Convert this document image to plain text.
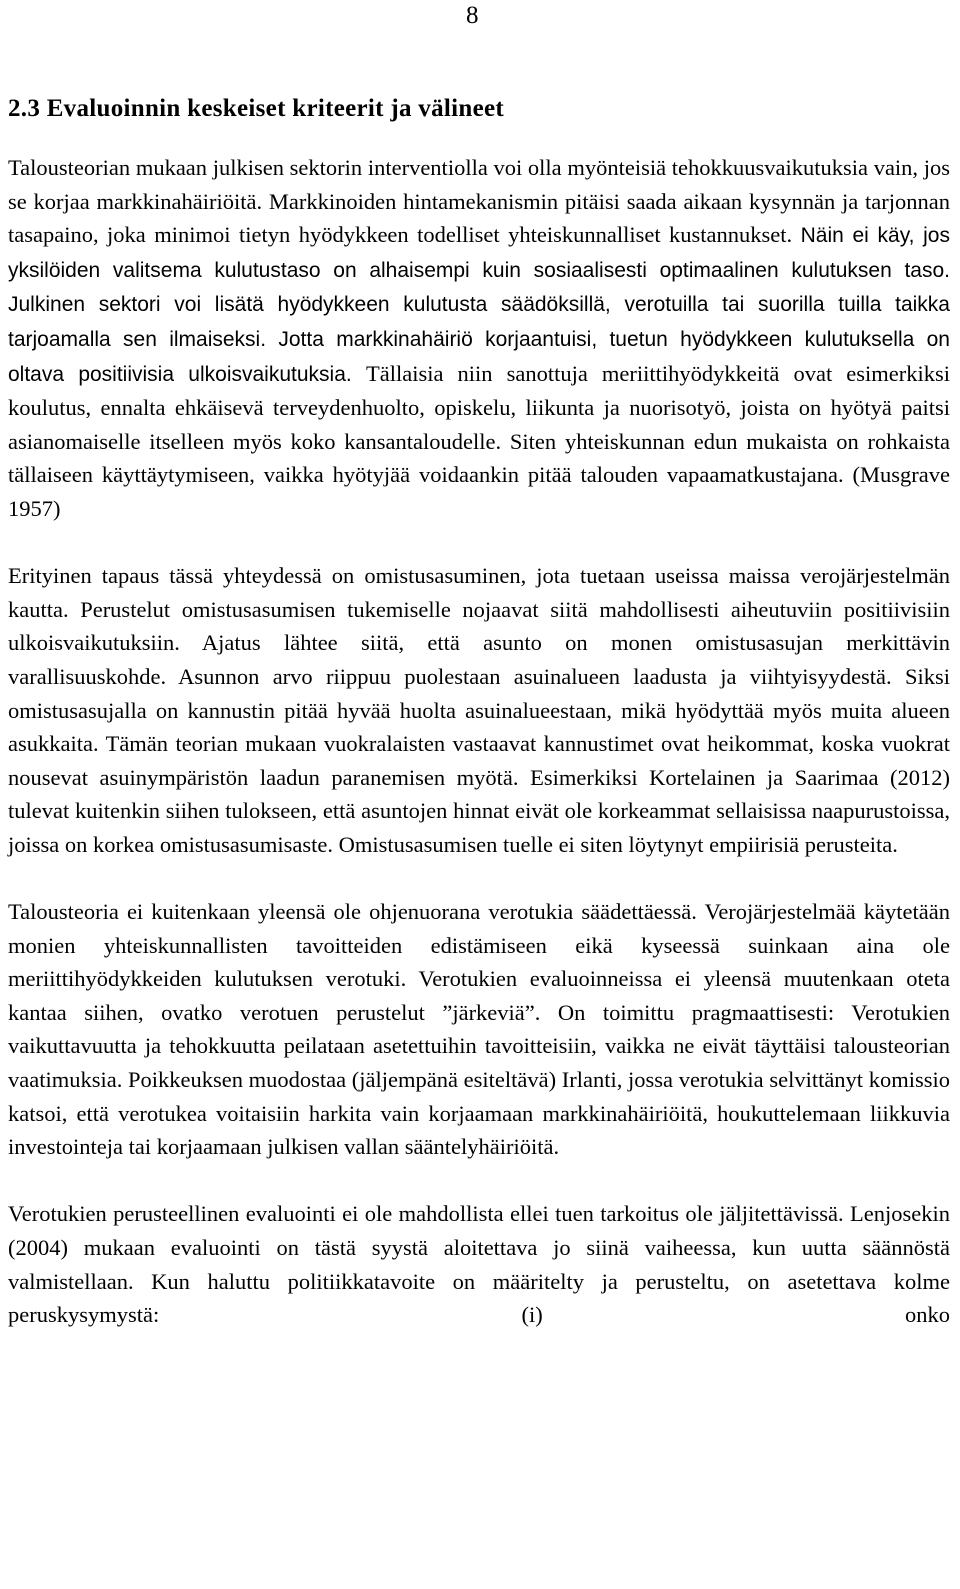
8
2.3 Evaluoinnin keskeiset kriteerit ja välineet

Talousteorian mukaan julkisen sektorin interventiolla voi olla myönteisiä tehokkuusvaikutuksia vain, jos se korjaa markkinahäiriöitä. Markkinoiden hintamekanismin pitäisi saada aikaan kysynnän ja tarjonnan tasapaino, joka minimoi tietyn hyödykkeen todelliset yhteiskunnalliset kustannukset. Näin ei käy, jos yksilöiden valitsema kulutustaso on alhaisempi kuin sosiaalisesti optimaalinen kulutuksen taso. Julkinen sektori voi lisätä hyödykkeen kulutusta säädöksillä, verotuilla tai suorilla tuilla taikka tarjoamalla sen ilmaiseksi. Jotta markkinahäiriö korjaantuisi, tuetun hyödykkeen kulutuksella on oltava positiivisia ulkoisvaikutuksia. Tällaisia niin sanottuja meriittihyödykkeitä ovat esimerkiksi koulutus, ennalta ehkäisevä terveydenhuolto, opiskelu, liikunta ja nuorisotyö, joista on hyötyä paitsi asianomaiselle itselleen myös koko kansantaloudelle. Siten yhteiskunnan edun mukaista on rohkaista tällaiseen käyttäytymiseen, vaikka hyötyjää voidaankin pitää talouden vapaamatkustajana. (Musgrave 1957)

Erityinen tapaus tässä yhteydessä on omistusasuminen, jota tuetaan useissa maissa verojärjestelmän kautta. Perustelut omistusasumisen tukemiselle nojaavat siitä mahdollisesti aiheutuviin positiivisiin ulkoisvaikutuksiin. Ajatus lähtee siitä, että asunto on monen omistusasujan merkittävin varallisuuskohde. Asunnon arvo riippuu puolestaan asuinalueen laadusta ja viihtyisyydestä. Siksi omistusasujalla on kannustin pitää hyvää huolta asuinalueestaan, mikä hyödyttää myös muita alueen asukkaita. Tämän teorian mukaan vuokralaisten vastaavat kannustimet ovat heikommat, koska vuokrat nousevat asuinympäristön laadun paranemisen myötä. Esimerkiksi Kortelainen ja Saarimaa (2012) tulevat kuitenkin siihen tulokseen, että asuntojen hinnat eivät ole korkeammat sellaisissa naapurustoissa, joissa on korkea omistusasumisaste. Omistusasumisen tuelle ei siten löytynyt empiirisiä perusteita.

Talousteoria ei kuitenkaan yleensä ole ohjenuorana verotukia säädettäessä. Verojärjestelmää käytetään monien yhteiskunnallisten tavoitteiden edistämiseen eikä kyseessä suinkaan aina ole meriittihyödykkeiden kulutuksen verotuki. Verotukien evaluoinneissa ei yleensä muutenkaan oteta kantaa siihen, ovatko verotuen perustelut ”järkeviä”. On toimittu pragmaattisesti: Verotukien vaikuttavuutta ja tehokkuutta peilataan asetettuihin tavoitteisiin, vaikka ne eivät täyttäisi talousteorian vaatimuksia. Poikkeuksen muodostaa (jäljempänä esiteltävä) Irlanti, jossa verotukia selvittänyt komissio katsoi, että verotukea voitaisiin harkita vain korjaamaan markkinahäiriöitä, houkuttelemaan liikkuvia investointeja tai korjaamaan julkisen vallan sääntelyhäiriöitä.

Verotukien perusteellinen evaluointi ei ole mahdollista ellei tuen tarkoitus ole jäljitettävissä. Lenjosekin (2004) mukaan evaluointi on tästä syystä aloitettava jo siinä vaiheessa, kun uutta säännöstä valmistellaan. Kun haluttu politiikkatavoite on määritelty ja perusteltu, on asetettava kolme peruskysymystä: (i) onko
